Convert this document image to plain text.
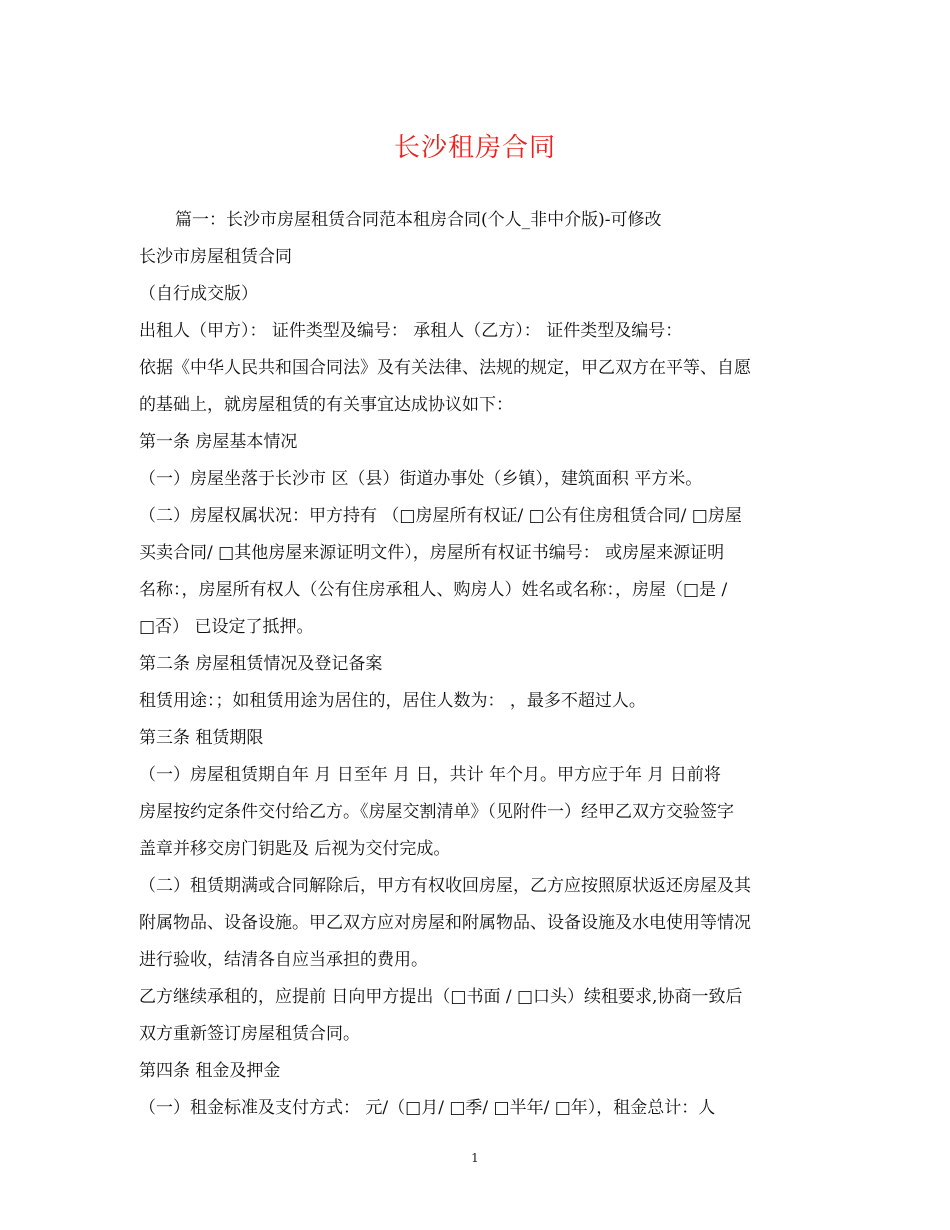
长沙租房合同
篇一：长沙市房屋租赁合同范本租房合同(个人_非中介版)-可修改
长沙市房屋租赁合同
（自行成交版）
出租人（甲方）： 证件类型及编号： 承租人（乙方）： 证件类型及编号：
依据《中华人民共和国合同法》及有关法律、法规的规定，甲乙双方在平等、自愿
的基础上，就房屋租赁的有关事宜达成协议如下：
第一条 房屋基本情况
（一）房屋坐落于长沙市 区（县）街道办事处（乡镇），建筑面积 平方米。
（二）房屋权属状况：甲方持有 （□房屋所有权证/ □公有住房租赁合同/ □房屋
买卖合同/ □其他房屋来源证明文件），房屋所有权证书编号： 或房屋来源证明
名称：，房屋所有权人（公有住房承租人、购房人）姓名或名称：，房屋（□是 /
□否） 已设定了抵押。
第二条 房屋租赁情况及登记备案
租赁用途：；如租赁用途为居住的，居住人数为： ，最多不超过人。
第三条 租赁期限
（一）房屋租赁期自年 月 日至年 月 日，共计 年个月。甲方应于年 月 日前将
房屋按约定条件交付给乙方。《房屋交割清单》（见附件一）经甲乙双方交验签字
盖章并移交房门钥匙及 后视为交付完成。
（二）租赁期满或合同解除后，甲方有权收回房屋，乙方应按照原状返还房屋及其
附属物品、设备设施。甲乙双方应对房屋和附属物品、设备设施及水电使用等情况
进行验收，结清各自应当承担的费用。
乙方继续承租的，应提前 日向甲方提出（□书面 / □口头）续租要求,协商一致后
双方重新签订房屋租赁合同。
第四条 租金及押金
（一）租金标准及支付方式： 元/（□月/ □季/ □半年/ □年），租金总计：人
1
